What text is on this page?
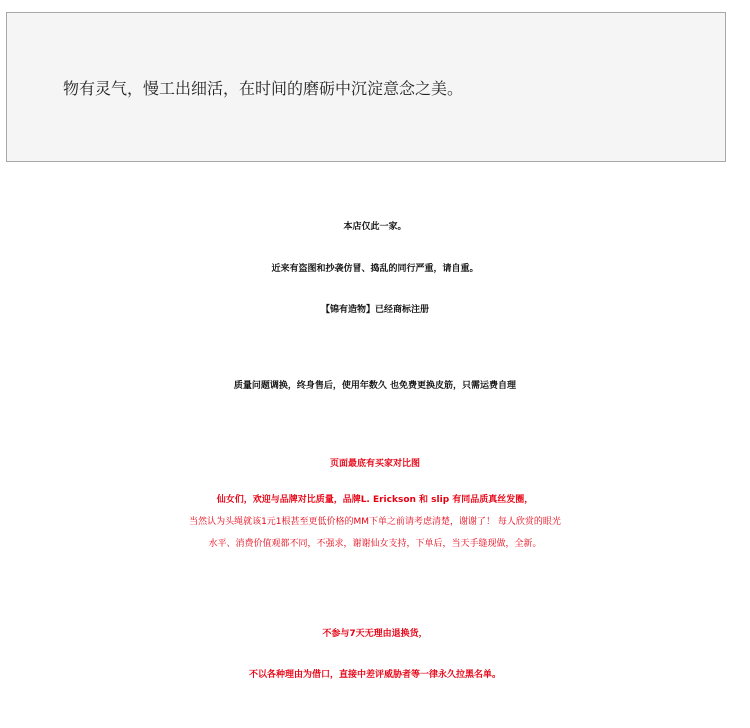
物有灵气，慢工出细活，在时间的磨砺中沉淀意念之美。
本店仅此一家。
近来有盗图和抄袭仿冒、捣乱的同行严重，请自重。
【锦有造物】已经商标注册
质量问题调换，终身售后，使用年数久 也免费更换皮筋，只需运费自理
页面最底有买家对比图
仙女们，欢迎与品牌对比质量，品牌L. Erickson 和 slip 有同品质真丝发圈，
当然认为头绳就该1元1根甚至更低价格的MM下单之前请考虑清楚，谢谢了！ 每人欣赏的眼光
水平、消费价值观都不同，不强求，谢谢仙女支持，下单后，当天手缝现做，全新。
不参与7天无理由退换货，
不以各种理由为借口，直接中差评威胁者等一律永久拉黑名单。
